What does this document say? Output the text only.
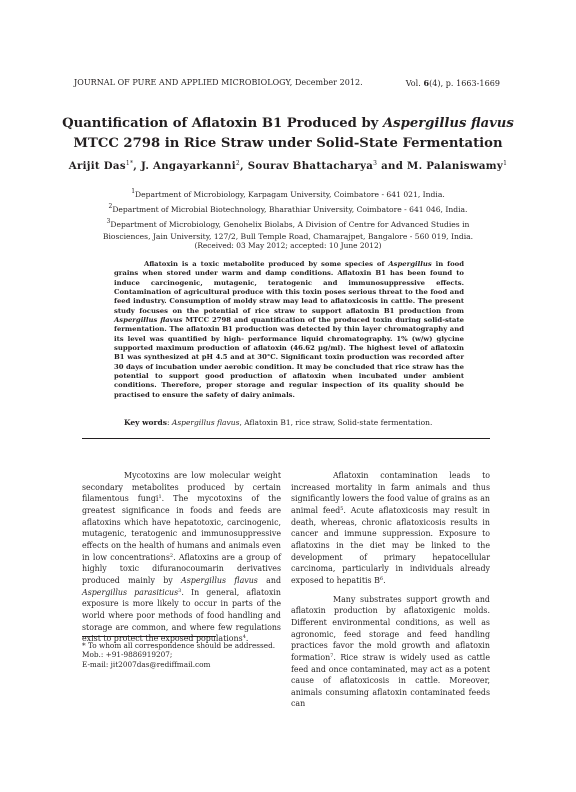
JOURNAL OF PURE AND APPLIED MICROBIOLOGY, December 2012.	Vol. 6(4), p. 1663-1669
Quantification of Aflatoxin B1 Produced by Aspergillus flavus
MTCC 2798 in Rice Straw under Solid-State Fermentation
Arijit Das$^{1*}$, J. Angayarkanni$^2$, Sourav Bhattacharya$^3$ and M. Palaniswamy$^1$
$^1$Department of Microbiology, Karpagam University, Coimbatore - 641 021, India.
$^2$Department of Microbial Biotechnology, Bharathiar University, Coimbatore - 641 046, India.
$^3$Department of Microbiology, Genohelix Biolabs, A Division of Centre for Advanced Studies in
Biosciences, Jain University, 127/2, Bull Temple Road, Chamarajpet, Bangalore - 560 019, India.
(Received: 03 May 2012; accepted: 10 June 2012)
Aflatoxin is a toxic metabolite produced by some species of Aspergillus in food grains when stored under warm and damp conditions. Aflatoxin B1 has been found to induce carcinogenic, mutagenic, teratogenic and immunosuppressive effects. Contamination of agricultural produce with this toxin poses serious threat to the food and feed industry. Consumption of moldy straw may lead to aflatoxicosis in cattle. The present study focuses on the potential of rice straw to support aflatoxin B1 production from Aspergillus flavus MTCC 2798 and quantification of the produced toxin during solid-state fermentation. The aflatoxin B1 production was detected by thin layer chromatography and its level was quantified by high- performance liquid chromatography. 1% (w/w) glycine supported maximum production of aflatoxin (46.62 µg/ml). The highest level of aflatoxin B1 was synthesized at pH 4.5 and at 30°C. Significant toxin production was recorded after 30 days of incubation under aerobic condition. It may be concluded that rice straw has the potential to support good production of aflatoxin when incubated under ambient conditions. Therefore, proper storage and regular inspection of its quality should be practised to ensure the safety of dairy animals.
Key words: Aspergillus flavus, Aflatoxin B1, rice straw, Solid-state fermentation.

Mycotoxins are low molecular weight secondary metabolites produced by certain filamentous fungi$^1$. The mycotoxins of the greatest significance in foods and feeds are aflatoxins which have hepatotoxic, carcinogenic, mutagenic, teratogenic and immunosuppressive effects on the health of humans and animals even in low concentrations$^2$. Aflatoxins are a group of highly toxic difuranocoumarin derivatives produced mainly by Aspergillus flavus and Aspergillus parasiticus$^3$. In general, aflatoxin exposure is more likely to occur in parts of the world where poor methods of food handling and storage are common, and where few regulations exist to protect the exposed populations$^4$.

Aflatoxin contamination leads to increased mortality in farm animals and thus significantly lowers the food value of grains as an animal feed$^5$. Acute aflatoxicosis may result in death, whereas, chronic aflatoxicosis results in cancer and immune suppression. Exposure to aflatoxins in the diet may be linked to the development of primary hepatocellular carcinoma, particularly in individuals already exposed to hepatitis $B^6$.

Many substrates support growth and aflatoxin production by aflatoxigenic molds. Different environmental conditions, as well as agronomic, feed storage and feed handling practices favor the mold growth and aflatoxin formation$^7$. Rice straw is widely used as cattle feed and once contaminated, may act as a potent cause of aflatoxicosis in cattle. Moreover, animals consuming aflatoxin contaminated feeds can

* To whom all correspondence should be addressed.
Mob.: +91-9886919207;
E-mail: jit2007das@rediffmail.com
